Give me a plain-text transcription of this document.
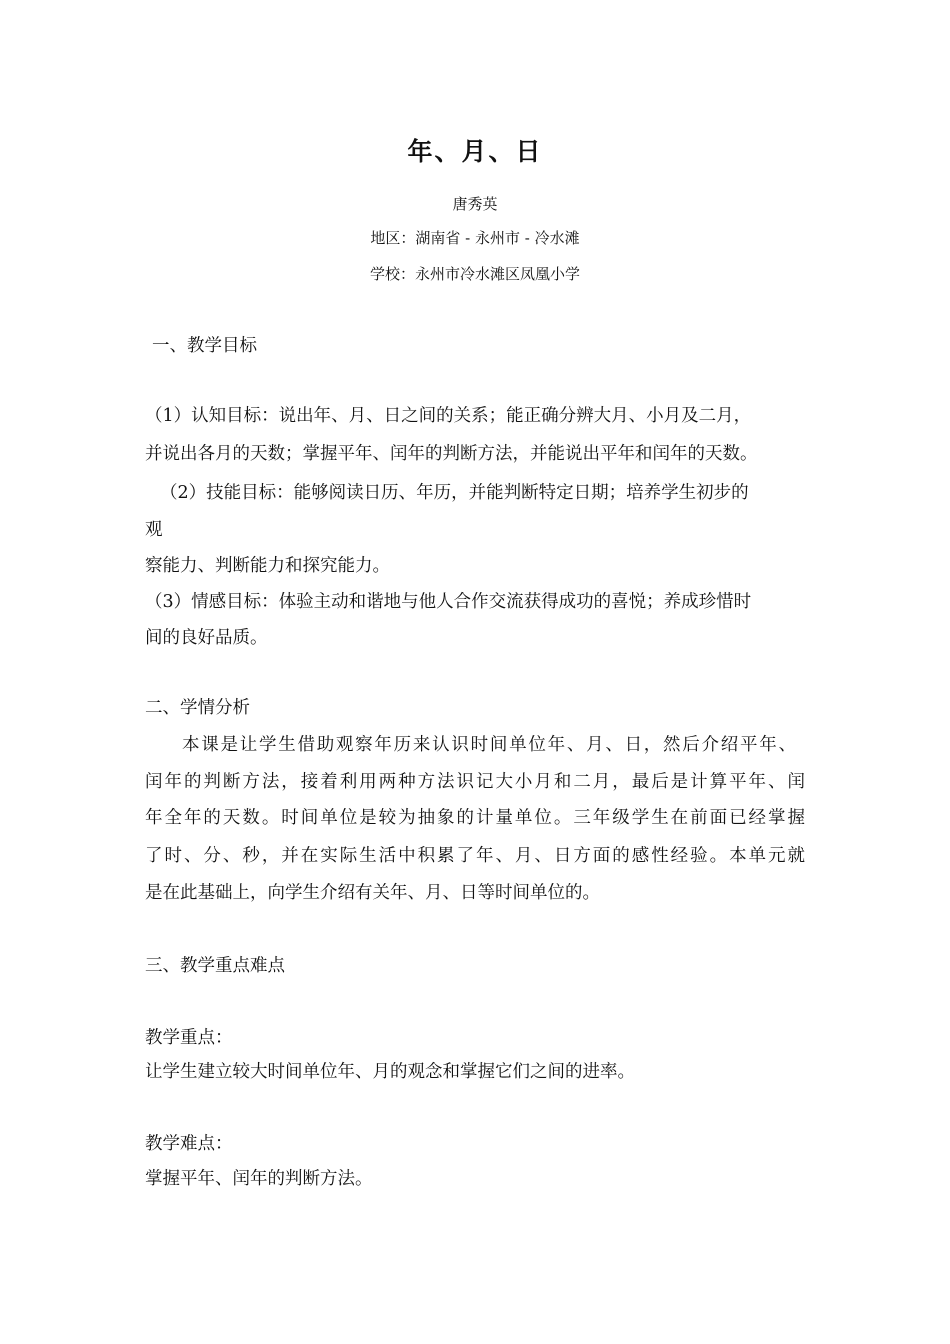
年、月、日
唐秀英
地区：湖南省 - 永州市 - 冷水滩
学校：永州市冷水滩区凤凰小学
一、教学目标
（1）认知目标：说出年、月、日之间的关系；能正确分辨大月、小月及二月，
并说出各月的天数；掌握平年、闰年的判断方法，并能说出平年和闰年的天数。
（2）技能目标：能够阅读日历、年历，并能判断特定日期；培养学生初步的
观
察能力、判断能力和探究能力。
（3）情感目标：体验主动和谐地与他人合作交流获得成功的喜悦；养成珍惜时
间的良好品质。
二、学情分析
本课是让学生借助观察年历来认识时间单位年、月、日，然后介绍平年、
闰年的判断方法，接着利用两种方法识记大小月和二月，最后是计算平年、闰
年全年的天数。时间单位是较为抽象的计量单位。三年级学生在前面已经掌握
了时、分、秒，并在实际生活中积累了年、月、日方面的感性经验。本单元就
是在此基础上，向学生介绍有关年、月、日等时间单位的。
三、教学重点难点
教学重点：
让学生建立较大时间单位年、月的观念和掌握它们之间的进率。
教学难点：
掌握平年、闰年的判断方法。
